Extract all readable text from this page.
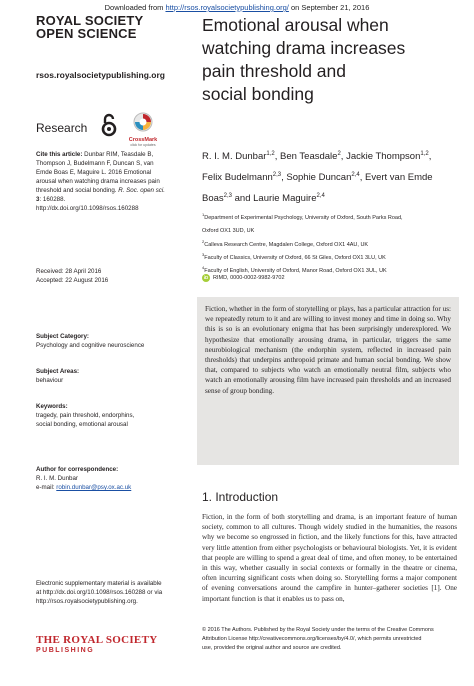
Downloaded from http://rsos.royalsocietypublishing.org/ on September 21, 2016
ROYAL SOCIETY
OPEN SCIENCE
rsos.royalsocietypublishing.org
Research
CrossMark
click for updates
Cite this article: Dunbar RIM, Teasdale B,
Thompson J, Budelmann F, Duncan S, van
Emde Boas E, Maguire L. 2016 Emotional
arousal when watching drama increases pain
threshold and social bonding. R. Soc. open sci.
3: 160288.
http://dx.doi.org/10.1098/rsos.160288
Received: 28 April 2016
Accepted: 22 August 2016
Subject Category:
Psychology and cognitive neuroscience
Subject Areas:
behaviour
Keywords:
tragedy, pain threshold, endorphins,
social bonding, emotional arousal
Author for correspondence:
R. I. M. Dunbar
e-mail: robin.dunbar@psy.ox.ac.uk
Electronic supplementary material is available
at http://dx.doi.org/10.1098/rsos.160288 or via
http://rsos.royalsocietypublishing.org.
THE ROYAL SOCIETY
PUBLISHING
Emotional arousal when
watching drama increases
pain threshold and
social bonding
R. I. M. Dunbar$^{1,2}$, Ben Teasdale$^2$, Jackie Thompson$^{1,2}$,
Felix Budelmann$^{2,3}$, Sophie Duncan$^{2,4}$, Evert van Emde
Boas$^{2,3}$ and Laurie Maguire$^{2,4}$
$^1$Department of Experimental Psychology, University of Oxford, South Parks Road,
Oxford OX1 3UD, UK
$^2$Calleva Research Centre, Magdalen College, Oxford OX1 4AU, UK
$^3$Faculty of Classics, University of Oxford, 66 St Giles, Oxford OX1 3LU, UK
$^4$Faculty of English, University of Oxford, Manor Road, Oxford OX1 3UL, UK
iD RIMD, 0000-0002-9982-9702

Fiction, whether in the form of storytelling or plays, has a particular attraction for us: we repeatedly return to it and are willing to invest money and time in doing so. Why this is so is an evolutionary enigma that has been surprisingly underexplored. We hypothesize that emotionally arousing drama, in particular, triggers the same neurobiological mechanism (the endorphin system, reflected in increased pain thresholds) that underpins anthropoid primate and human social bonding. We show that, compared to subjects who watch an emotionally neutral film, subjects who watch an emotionally arousing film have increased pain thresholds and an increased sense of group bonding.

1. Introduction

Fiction, in the form of both storytelling and drama, is an important feature of human society, common to all cultures. Though widely studied in the humanities, the reasons why we become so engrossed in fiction, and the likely functions for this, have attracted very little attention from either psychologists or behavioural biologists. Yet, it is evident that people are willing to spend a great deal of time, and often money, to be entertained in this way, whether casually in social contexts or formally in the theatre or cinema, often incurring significant costs when doing so. Storytelling forms a major component of evening conversations around the campfire in hunter–gatherer societies [1]. One important function is that it enables us to pass on,

© 2016 The Authors. Published by the Royal Society under the terms of the Creative Commons
Attribution License http://creativecommons.org/licenses/by/4.0/, which permits unrestricted
use, provided the original author and source are credited.
